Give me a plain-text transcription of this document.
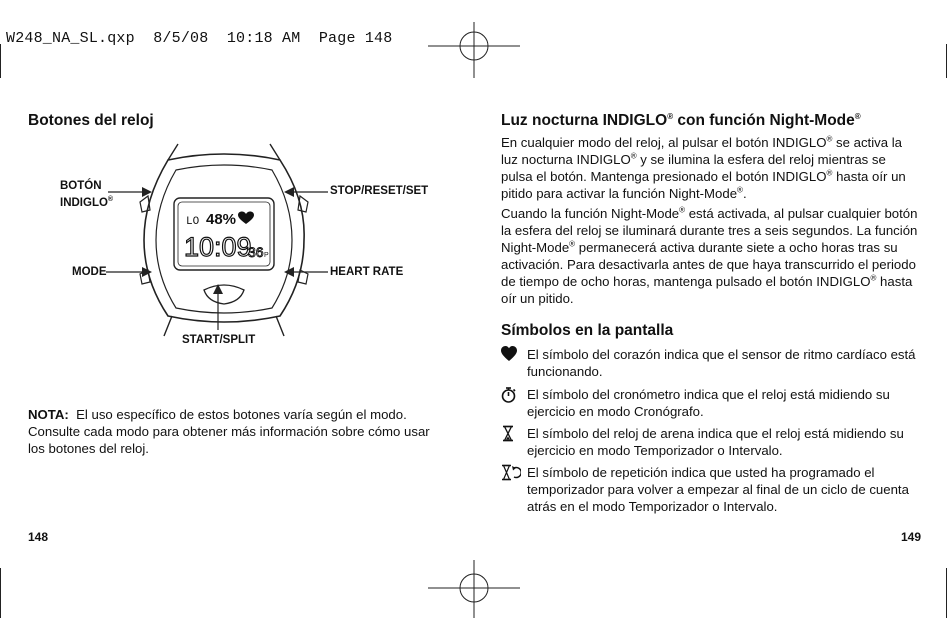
W248_NA_SL.qxp  8/5/08  10:18 AM  Page 148
Botones del reloj
LO 48%
10:09
36 P
BOTÓN
INDIGLO®
STOP/RESET/SET
MODE	HEART RATE
START/SPLIT

NOTA: El uso específico de estos botones varía según el modo. Consulte cada modo para obtener más información sobre cómo usar los botones del reloj.

148
Luz nocturna INDIGLO® con función Night-Mode®

En cualquier modo del reloj, al pulsar el botón INDIGLO® se activa la luz nocturna INDIGLO® y se ilumina la esfera del reloj mientras se pulsa el botón. Mantenga presionado el botón INDIGLO® hasta oír un pitido para activar la función Night-Mode®.

Cuando la función Night-Mode® está activada, al pulsar cualquier botón la esfera del reloj se iluminará durante tres a seis segundos. La función Night-Mode® permanecerá activa durante siete a ocho horas tras su activación. Para desactivarla antes de que haya transcurrido el periodo de tiempo de ocho horas, mantenga pulsado el botón INDIGLO® hasta oír un pitido.

Símbolos en la pantalla
El símbolo del corazón indica que el sensor de ritmo cardíaco está funcionando.
El símbolo del cronómetro indica que el reloj está midiendo su ejercicio en modo Cronógrafo.
El símbolo del reloj de arena indica que el reloj está midiendo su ejercicio en modo Temporizador o Intervalo.
El símbolo de repetición indica que usted ha programado el temporizador para volver a empezar al final de un ciclo de cuenta atrás en el modo Temporizador o Intervalo.
149
